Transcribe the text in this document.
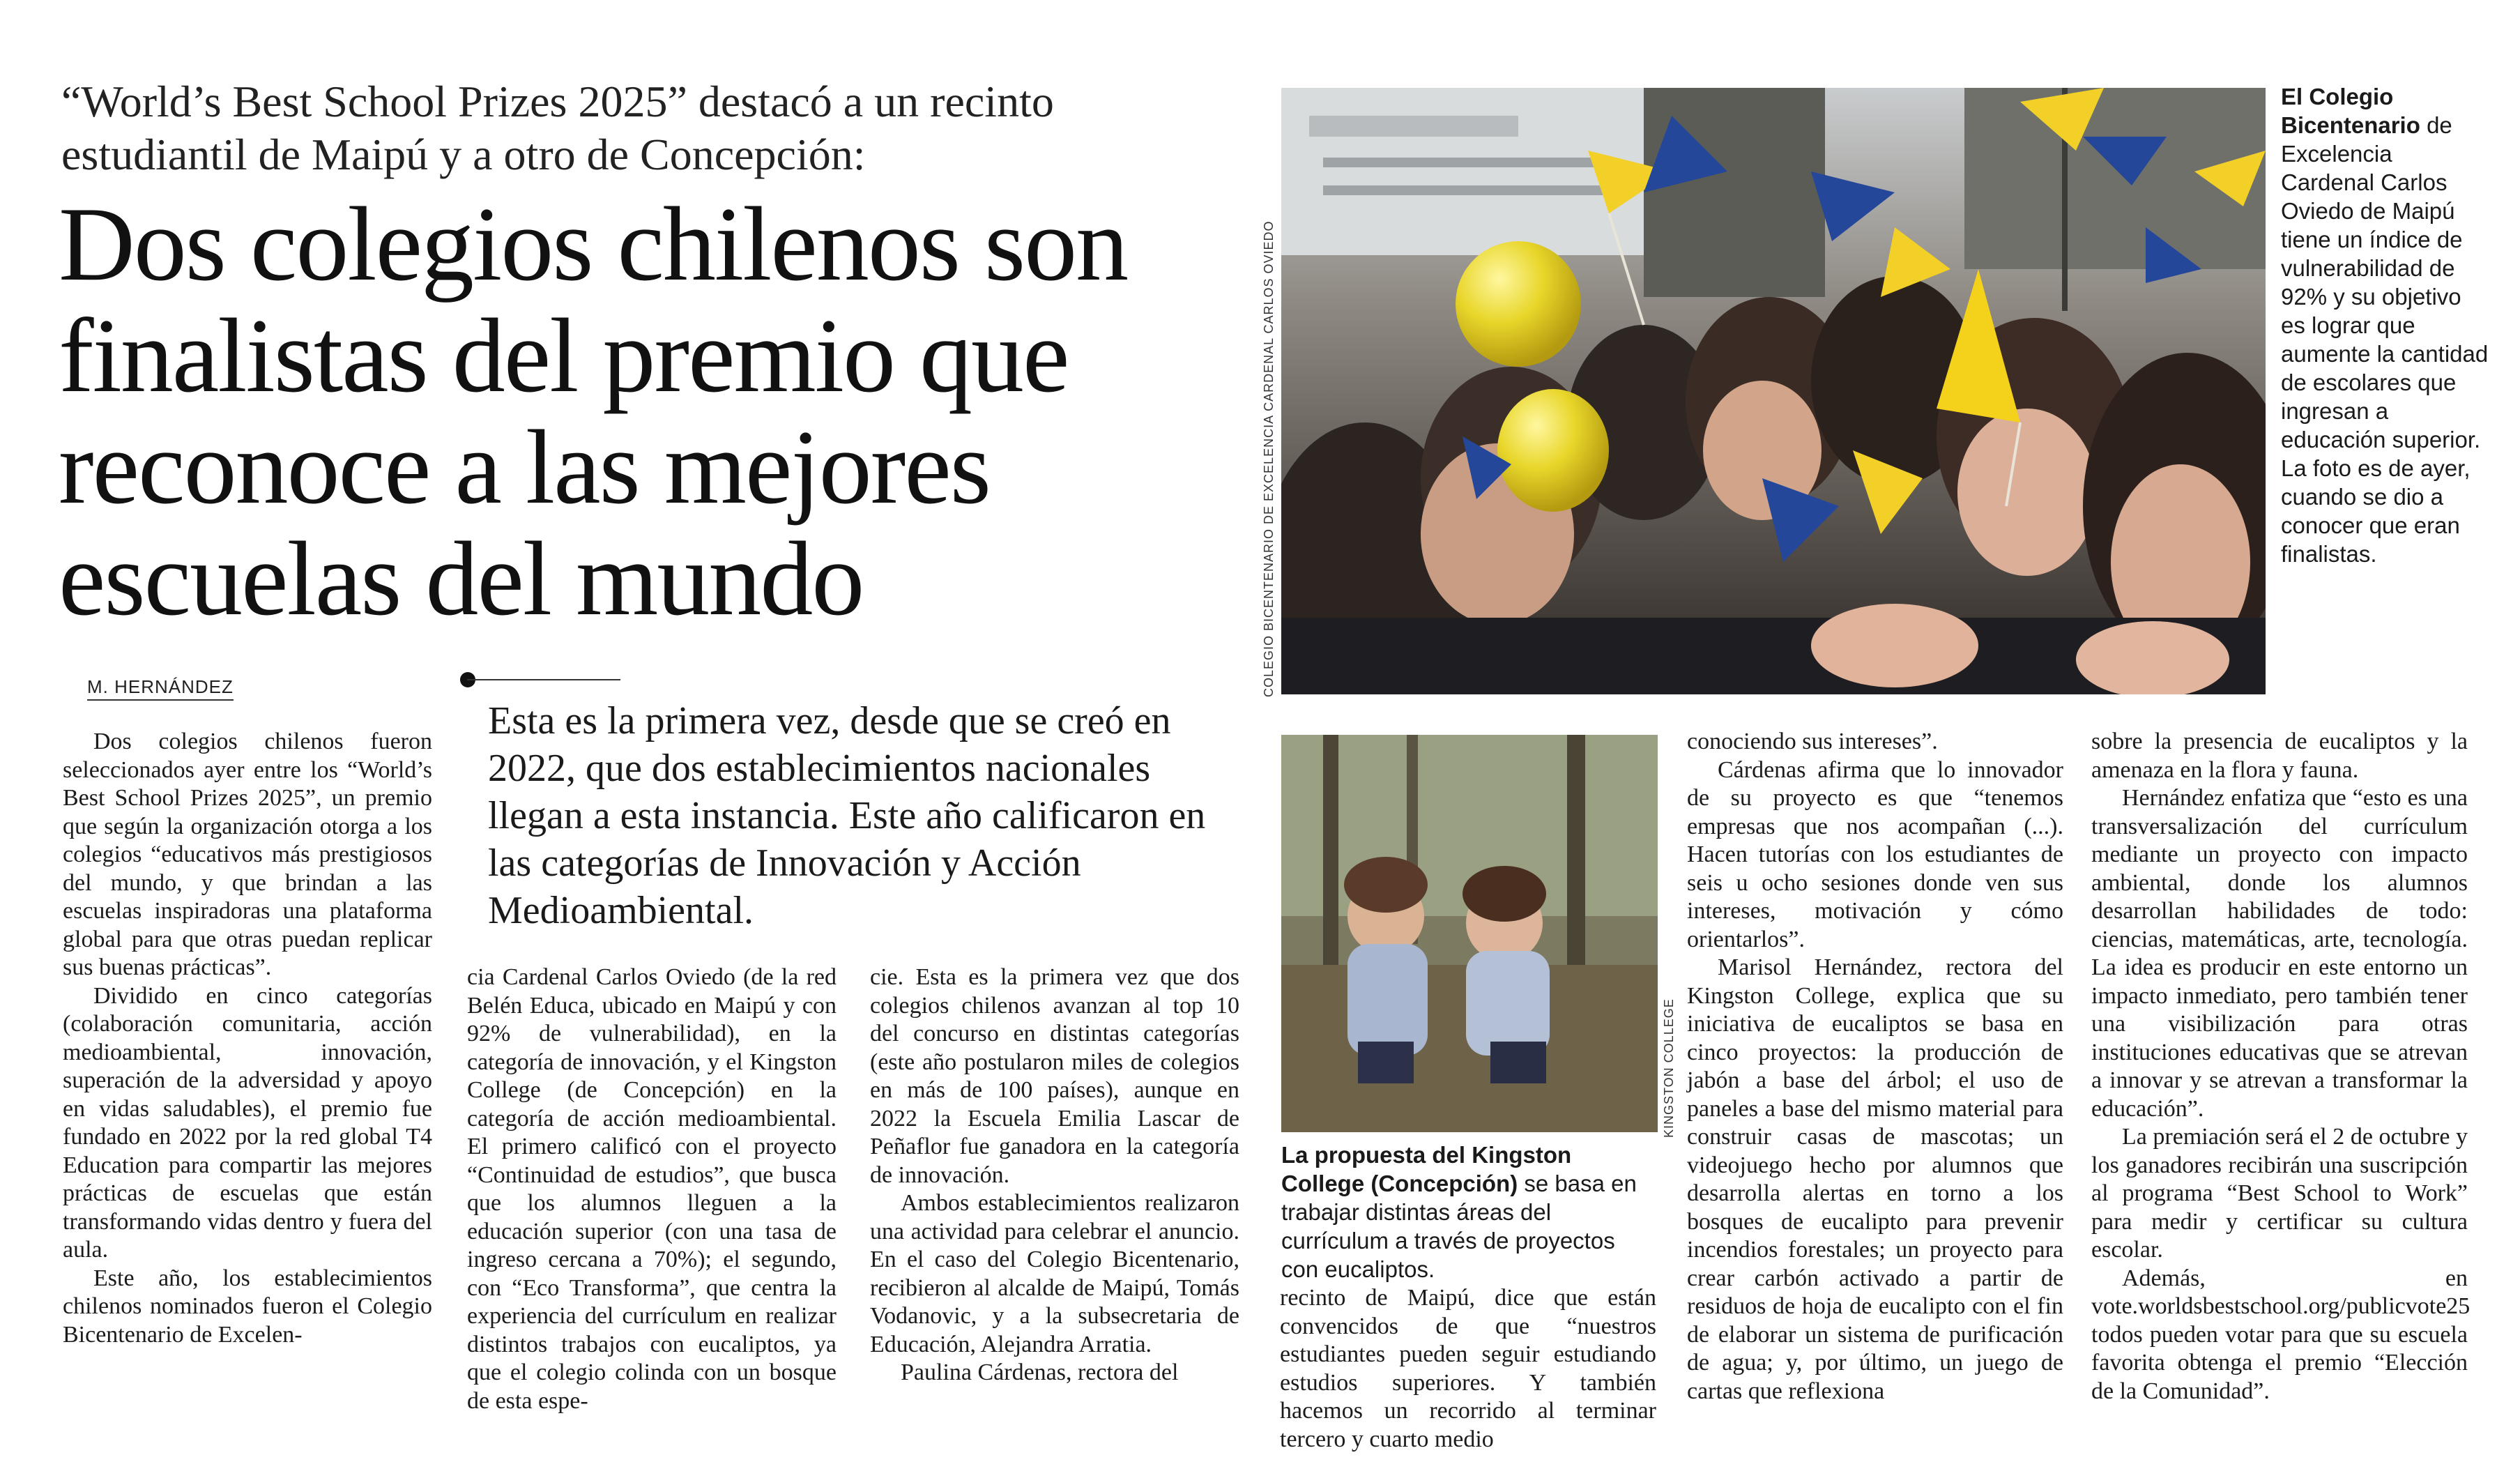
“World’s Best School Prizes 2025” destacó a un recinto estudiantil de Maipú y a otro de Concepción:
Dos colegios chilenos son finalistas del premio que reconoce a las mejores escuelas del mundo
M. HERNÁNDEZ
Esta es la primera vez, desde que se creó en 2022, que dos establecimientos nacionales llegan a esta instancia. Este año calificaron en las categorías de Innovación y Acción Medioambiental.
COLEGIO BICENTENARIO DE EXCELENCIA CARDENAL CARLOS OVIEDO
El Colegio Bicentenario de Excelencia Cardenal Carlos Oviedo de Maipú tiene un índice de vulnerabilidad de 92% y su objetivo es lograr que aumente la cantidad de escolares que ingresan a educación superior. La foto es de ayer, cuando se dio a conocer que eran finalistas.
KINGSTON COLLEGE
La propuesta del Kingston College (Concepción) se basa en trabajar distintas áreas del currículum a través de proyectos con eucaliptos.

Dos colegios chilenos fueron seleccionados ayer entre los “World’s Best School Prizes 2025”, un premio que según la organización otorga a los colegios “educativos más prestigiosos del mundo, y que brindan a las escuelas inspiradoras una plataforma global para que otras puedan replicar sus buenas prácticas”.

Dividido en cinco categorías (colaboración comunitaria, acción medioambiental, innovación, superación de la adversidad y apoyo en vidas saludables), el premio fue fundado en 2022 por la red global T4 Education para compartir las mejores prácticas de escuelas que están transformando vidas dentro y fuera del aula.

Este año, los establecimientos chilenos nominados fueron el Colegio Bicentenario de Excelen-

cia Cardenal Carlos Oviedo (de la red Belén Educa, ubicado en Maipú y con 92% de vulnerabilidad), en la categoría de innovación, y el Kingston College (de Concepción) en la categoría de acción medioambiental. El primero calificó con el proyecto “Continuidad de estudios”, que busca que los alumnos lleguen a la educación superior (con una tasa de ingreso cercana a 70%); el segundo, con “Eco Transforma”, que centra la experiencia del currículum en realizar distintos trabajos con eucaliptos, ya que el colegio colinda con un bosque de esta espe-

cie. Esta es la primera vez que dos colegios chilenos avanzan al top 10 del concurso en distintas categorías (este año postularon miles de colegios en más de 100 países), aunque en 2022 la Escuela Emilia Lascar de Peñaflor fue ganadora en la categoría de innovación.

Ambos establecimientos realizaron una actividad para celebrar el anuncio. En el caso del Colegio Bicentenario, recibieron al alcalde de Maipú, Tomás Vodanovic, y a la subsecretaria de Educación, Alejandra Arratia.

Paulina Cárdenas, rectora del

recinto de Maipú, dice que están convencidos de que “nuestros estudiantes pueden seguir estudiando estudios superiores. Y también hacemos un recorrido al terminar tercero y cuarto medio

conociendo sus intereses”.

Cárdenas afirma que lo innovador de su proyecto es que “tenemos empresas que nos acompañan (...). Hacen tutorías con los estudiantes de seis u ocho sesiones donde ven sus intereses, motivación y cómo orientarlos”.

Marisol Hernández, rectora del Kingston College, explica que su iniciativa de eucaliptos se basa en cinco proyectos: la producción de jabón a base del árbol; el uso de paneles a base del mismo material para construir casas de mascotas; un videojuego hecho por alumnos que desarrolla alertas en torno a los bosques de eucalipto para prevenir incendios forestales; un proyecto para crear carbón activado a partir de residuos de hoja de eucalipto con el fin de elaborar un sistema de purificación de agua; y, por último, un juego de cartas que reflexiona

sobre la presencia de eucaliptos y la amenaza en la flora y fauna.

Hernández enfatiza que “esto es una transversalización del currículum mediante un proyecto con impacto ambiental, donde los alumnos desarrollan habilidades de todo: ciencias, matemáticas, arte, tecnología. La idea es producir en este entorno un impacto inmediato, pero también tener una visibilización para otras instituciones educativas que se atrevan a innovar y se atrevan a transformar la educación”.

La premiación será el 2 de octubre y los ganadores recibirán una suscripción al programa “Best School to Work” para medir y certificar su cultura escolar.

Además, en vote.worldsbestschool.org/publicvote25 todos pueden votar para que su escuela favorita obtenga el premio “Elección de la Comunidad”.
